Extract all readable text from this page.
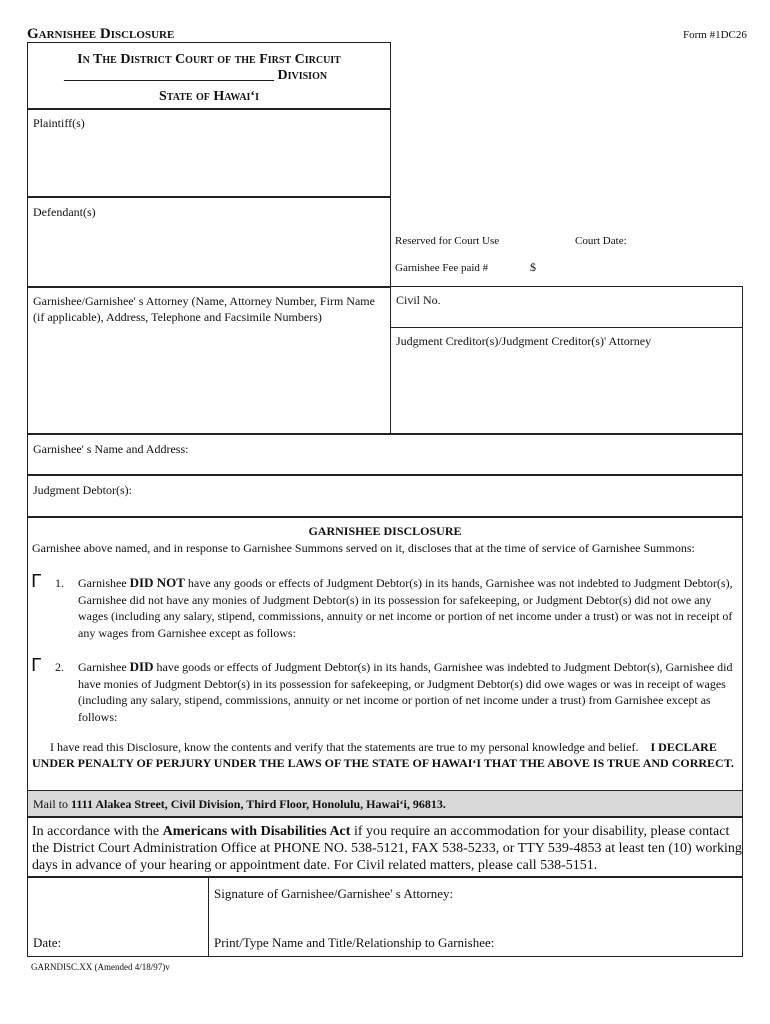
Garnishee Disclosure	Form #1DC26
In The District Court of the First Circuit
______________________________ Division
State of Hawai‘i
Plaintiff(s)
Defendant(s)
Reserved for Court Use	Court Date:
Garnishee Fee paid #	$
Garnishee/Garnishee' s Attorney (Name, Attorney Number, Firm Name (if applicable), Address, Telephone and Facsimile Numbers)
Civil No.
Judgment Creditor(s)/Judgment Creditor(s)' Attorney
Garnishee' s Name and Address:
Judgment Debtor(s):
GARNISHEE DISCLOSURE
Garnishee above named, and in response to Garnishee Summons served on it, discloses that at the time of service of Garnishee Summons:
Γ 1. Garnishee DID NOT have any goods or effects of Judgment Debtor(s) in its hands, Garnishee was not indebted to Judgment Debtor(s), Garnishee did not have any monies of Judgment Debtor(s) in its possession for safekeeping, or Judgment Debtor(s) did not owe any wages (including any salary, stipend, commissions, annuity or net income or portion of net income under a trust) or was not in receipt of any wages from Garnishee except as follows:
Γ 2. Garnishee DID have goods or effects of Judgment Debtor(s) in its hands, Garnishee was indebted to Judgment Debtor(s), Garnishee did have monies of Judgment Debtor(s) in its possession for safekeeping, or Judgment Debtor(s) did owe wages or was in receipt of wages (including any salary, stipend, commissions, annuity or net income or portion of net income under a trust) from Garnishee except as follows:
I have read this Disclosure, know the contents and verify that the statements are true to my personal knowledge and belief. I DECLARE UNDER PENALTY OF PERJURY UNDER THE LAWS OF THE STATE OF HAWAI‘I THAT THE ABOVE IS TRUE AND CORRECT.
Mail to 1111 Alakea Street, Civil Division, Third Floor, Honolulu, Hawai‘i, 96813.
In accordance with the Americans with Disabilities Act if you require an accommodation for your disability, please contact the District Court Administration Office at PHONE NO. 538-5121, FAX 538-5233, or TTY 539-4853 at least ten (10) working days in advance of your hearing or appointment date. For Civil related matters, please call 538-5151.
Signature of Garnishee/Garnishee' s Attorney:
Date:	Print/Type Name and Title/Relationship to Garnishee:
GARNDISC.XX (Amended 4/18/97)v
